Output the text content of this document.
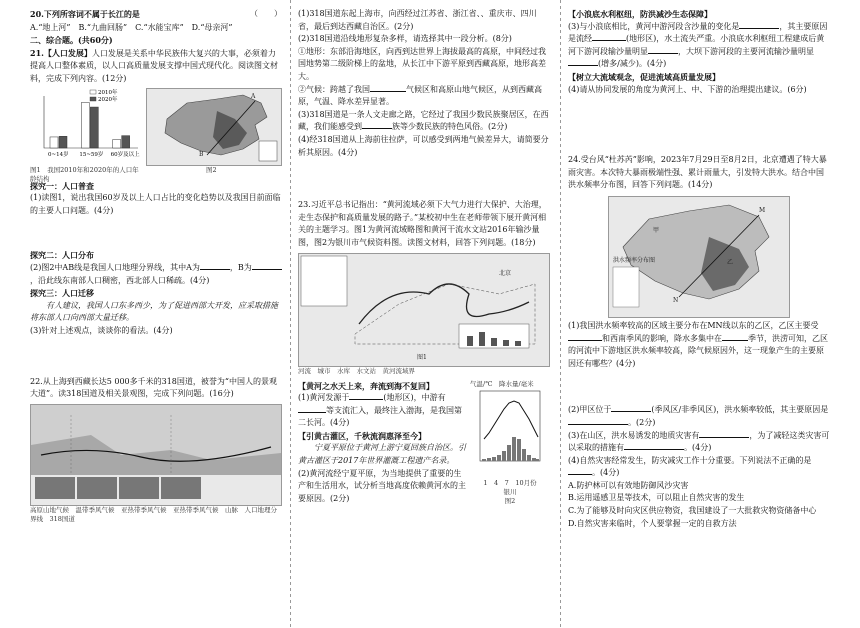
20.下列所容词不属于长江的是	（　　）

A.“地上河”　B.“九曲回肠”　C.“水能宝库”　D.“母亲河”

二、综合题。(共60分)

21.【人口发展】人口发展是关系中华民族伟大复兴的大事，必须着力提高人口整体素质，以人口高质量发展支撑中国式现代化。阅读图文材料，完成下列内容。(12分)

0~14岁 15~59岁 60岁及以上
2010年
2020年	A
B

图1　我国2010年和2020年的人口年龄结构

图2

探究一：人口普查

(1)读图1，说出我国60岁及以上人口占比的变化趋势以及我国目前面临的主要人口问题。(4分)

探究二：人口分布

(2)图2中AB线是我国人口地理分界线，其中A为	，B为，沿此线东南部人口稠密，西北部人口稀疏。(4分)

探究三：人口迁移

有人建议，我国人口东多西少，为了促进西部大开发，应采取措施将东部人口向西部大量迁移。

(3)针对上述观点，谈谈你的看法。(4分)

22.从上海到西藏长达5 000多千米的318国道，被誉为“中国人的景观大道”。读318国道及相关景观图，完成下列问题。(16分)

高原山地气候　温带季风气候　亚热带季风气候　亚热带季风气候　山脉　人口地理分界线　318国道

(1)318国道东起上海市，向西经过江苏省、浙江省、、重庆市、四川省，最后到达西藏自治区。(2分)

(2)318国道沿线地形复杂多样，请选择其中一段分析。(8分)

①地形：东部沿海地区，向西到达世界上海拔最高的高原，中间经过我国地势第二级阶梯上的盆地，从长江中下游平原到西藏高原，地形高差大。

②气候：跨越了我国	气候区和高原山地气候区，从到西藏高原，气温、降水差异显著。

(3)318国道是一条人文走廊之路，它经过了我国少数民族聚居区，在西藏，我们能感受到	族等少数民族的特色风俗。(2分)

(4)经318国道从上海前往拉萨，可以感受到两地气候差异大，请简要分析其原因。(4分)

23.习近平总书记指出：“黄河流域必须下大气力进行大保护、大治理，走生态保护和高质量发展的路子。”某校初中生在老师带领下展开黄河相关的主题学习。图1为黄河流域略图和黄河干流水文站2016年输沙量图，图2为银川市气候资料图。读图文材料，回答下列问题。(18分)

北京
图1

河流　城市　水库　水文站　黄河流域界

【黄河之水天上来，奔流到海不复回】

(1)黄河发源于	(地形区)，中游有等支流汇入，最终注入渤海，是我国第二长河。(4分)

【引黄古灌区，千秋流润惠泽至今】

宁夏平原位于黄河上游宁夏回族自治区。引黄古灌区于2017年世界灌溉工程遗产名录。

(2)黄河流经宁夏平原，为当地提供了重要的生产和生活用水，试分析当地高度依赖黄河水的主要原因。(2分)

气温/℃　 降水量/毫米

1　4　7　10月份

银川

图2

【小浪底水利枢纽，防洪减沙生态保障】

(3)与小浪底相比，黄河中游河段含沙量的变化是	，其主要原因是流经	(地形区)，水土流失严重。小浪底水利枢纽工程建成后黄河下游河段输沙量明显	，大坝下游河段的主要河流输沙量明显(增多/减少)。(4分)

【树立大流域观念，促进流域高质量发展】

(4)请从协同发展的角度为黄河上、中、下游的治理提出建议。(6分)

24.受台风“杜苏芮”影响，2023年7月29日至8月2日，北京遭遇了特大暴雨灾害。本次特大暴雨极端性强、累计雨量大，引发特大洪水。结合中国洪水频率分布图，回答下列问题。(14分)

甲
乙
M
N
洪水频率分布图

(1)我国洪水频率较高的区域主要分布在MN线以东的乙区，乙区主要受和西南季风的影响，降水多集中在	季节，洪涝可知，乙区的河流中下游地区洪水频率较高，除气候原因外，这一现象产生的主要原因还有哪些？(4分)

(2)甲区位于	(季风区/非季风区)，洪水频率较低，其主要原因是。(2分)

(3)在山区，洪水易诱发的地质灾害有	，为了减轻这类灾害可以采取的措施有	。(4分)

(4)自然灾害经常发生，防灾减灾工作十分重要。下列说法不正确的是。(4分)

A.防护林可以有效地防御风沙灾害

B.运用遥感卫星等技术，可以阻止自然灾害的发生

C.为了能够及时向灾区供应物资，我国建设了一大批救灾物资储备中心

D.自然灾害来临时，个人要掌握一定的自救方法
